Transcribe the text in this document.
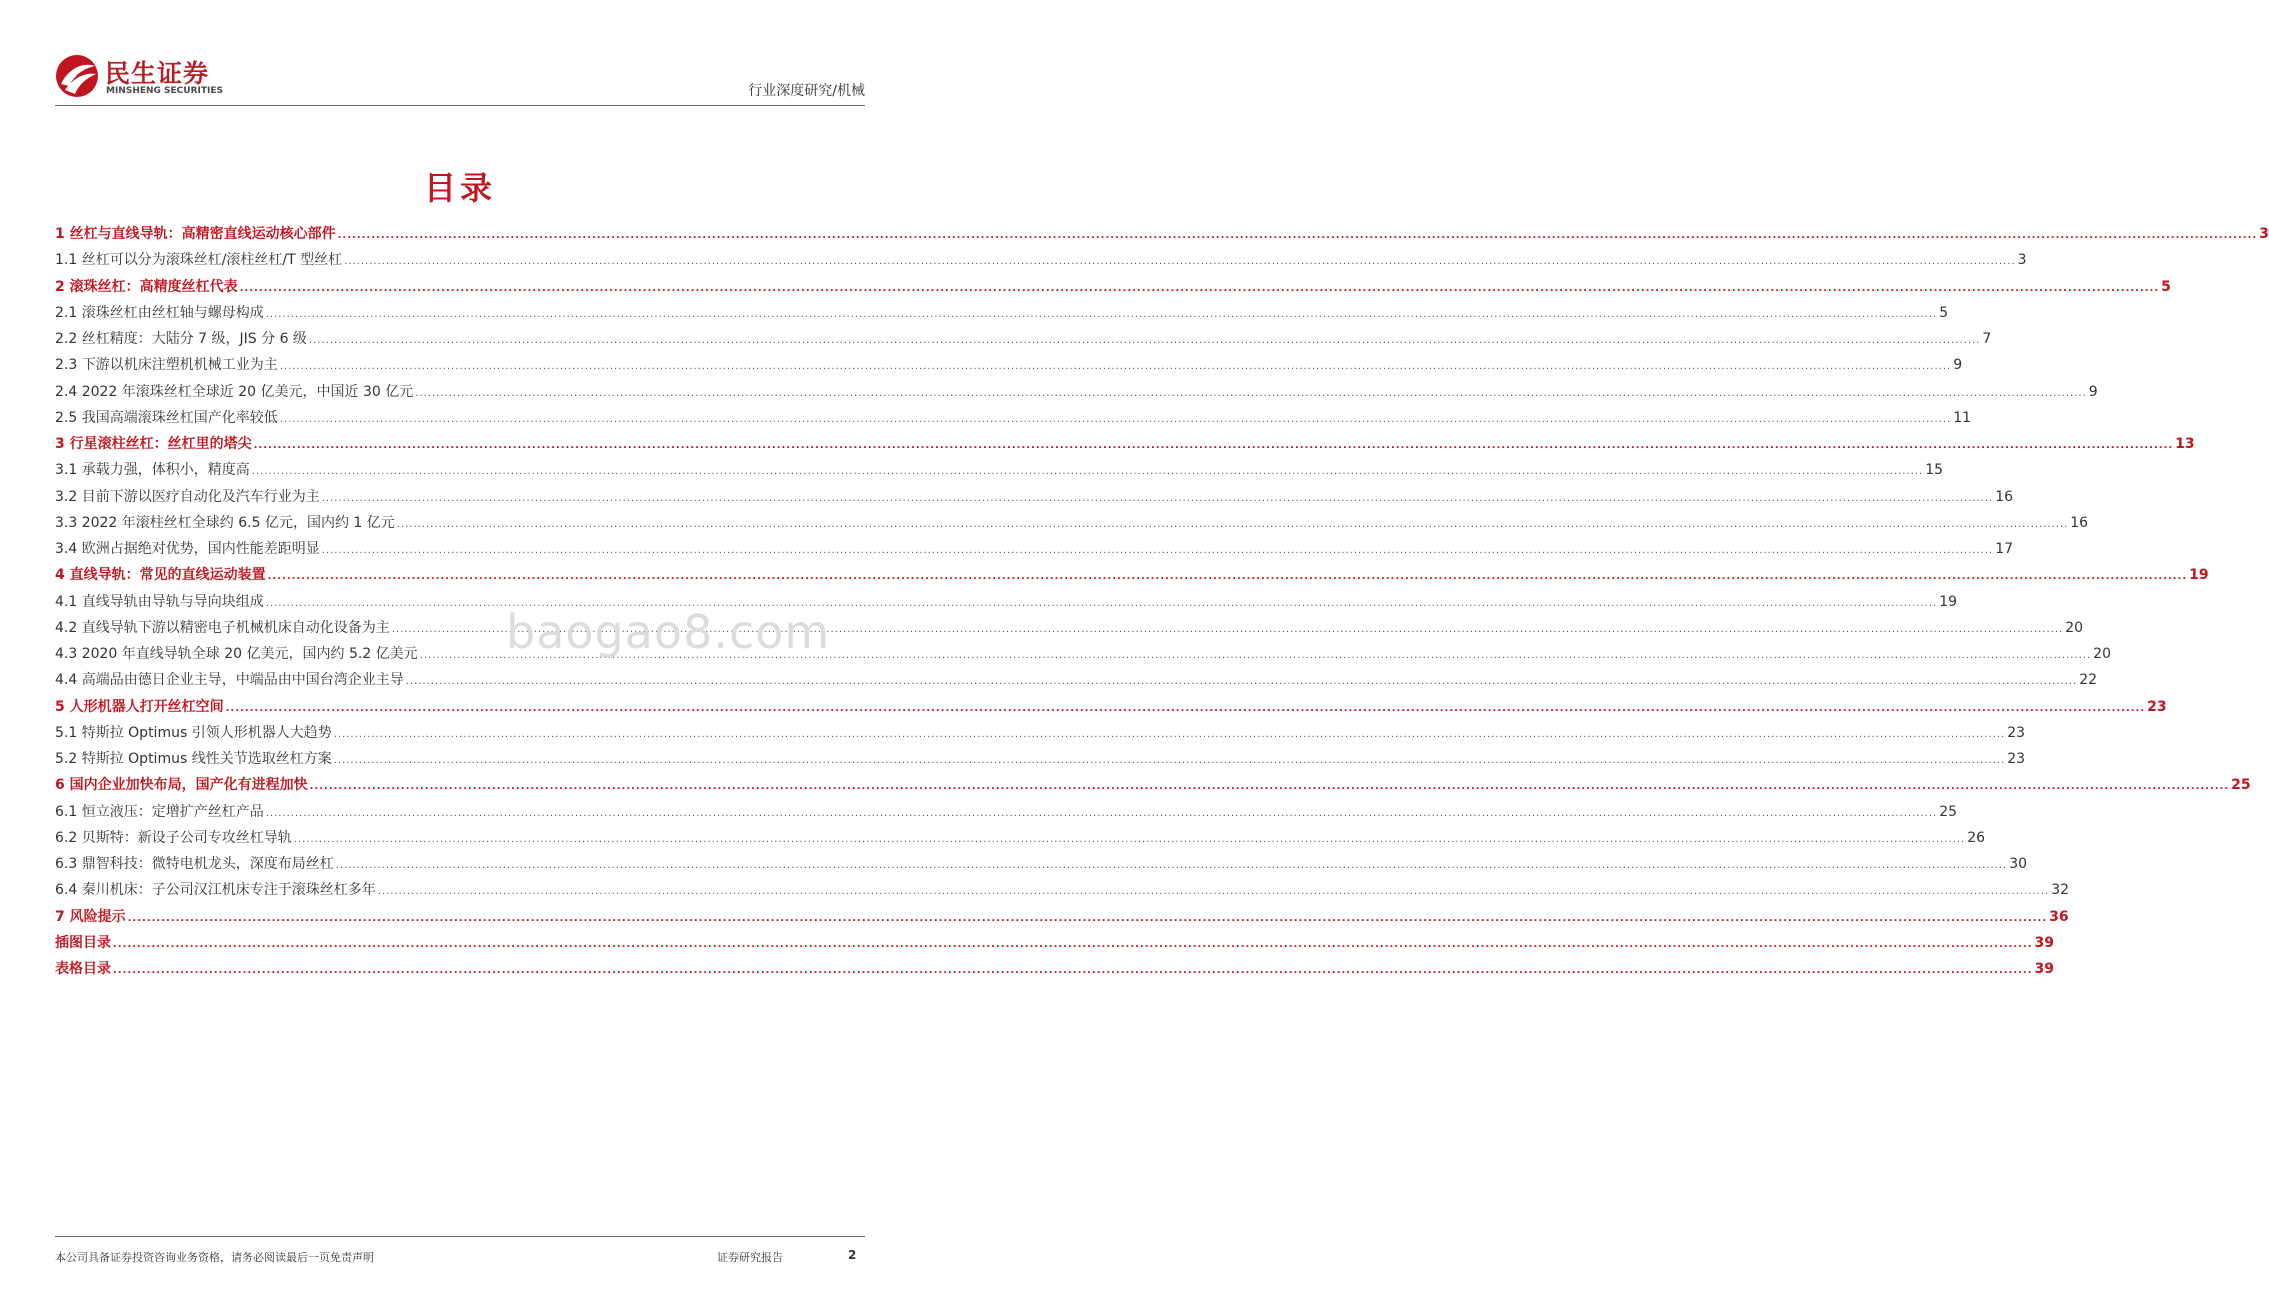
民生证券
MINSHENG SECURITIES	行业深度研究/机械
目录
1 丝杠与直线导轨：高精密直线运动核心部件 ................................................................................................................................................................................................................................................................................................................................................................................................................ 3
1.1 丝杠可以分为滚珠丝杠/滚柱丝杠/T 型丝杠 ................................................................................................................................................................................................................................................................................................................................................................................................................ 3
2 滚珠丝杠：高精度丝杠代表 ................................................................................................................................................................................................................................................................................................................................................................................................................ 5
2.1 滚珠丝杠由丝杠轴与螺母构成 ................................................................................................................................................................................................................................................................................................................................................................................................................ 5
2.2 丝杠精度：大陆分 7 级，JIS 分 6 级 ................................................................................................................................................................................................................................................................................................................................................................................................................ 7
2.3 下游以机床注塑机机械工业为主 ................................................................................................................................................................................................................................................................................................................................................................................................................ 9
2.4 2022 年滚珠丝杠全球近 20 亿美元，中国近 30 亿元 ................................................................................................................................................................................................................................................................................................................................................................................................................ 9
2.5 我国高端滚珠丝杠国产化率较低 ................................................................................................................................................................................................................................................................................................................................................................................................................ 11
3 行星滚柱丝杠：丝杠里的塔尖 ................................................................................................................................................................................................................................................................................................................................................................................................................ 13
3.1 承载力强，体积小，精度高 ................................................................................................................................................................................................................................................................................................................................................................................................................ 15
3.2 目前下游以医疗自动化及汽车行业为主 ................................................................................................................................................................................................................................................................................................................................................................................................................ 16
3.3 2022 年滚柱丝杠全球约 6.5 亿元，国内约 1 亿元 ................................................................................................................................................................................................................................................................................................................................................................................................................ 16
3.4 欧洲占据绝对优势，国内性能差距明显 ................................................................................................................................................................................................................................................................................................................................................................................................................ 17
4 直线导轨：常见的直线运动装置 ................................................................................................................................................................................................................................................................................................................................................................................................................ 19
4.1 直线导轨由导轨与导向块组成 ................................................................................................................................................................................................................................................................................................................................................................................................................ 19
4.2 直线导轨下游以精密电子机械机床自动化设备为主 ................................................................................................................................................................................................................................................................................................................................................................................................................ 20
4.3 2020 年直线导轨全球 20 亿美元，国内约 5.2 亿美元 ................................................................................................................................................................................................................................................................................................................................................................................................................ 20
4.4 高端品由德日企业主导，中端品由中国台湾企业主导 ................................................................................................................................................................................................................................................................................................................................................................................................................ 22
5 人形机器人打开丝杠空间 ................................................................................................................................................................................................................................................................................................................................................................................................................ 23
5.1 特斯拉 Optimus 引领人形机器人大趋势 ................................................................................................................................................................................................................................................................................................................................................................................................................ 23
5.2 特斯拉 Optimus 线性关节选取丝杠方案 ................................................................................................................................................................................................................................................................................................................................................................................................................ 23
6 国内企业加快布局，国产化有进程加快 ................................................................................................................................................................................................................................................................................................................................................................................................................ 25
6.1 恒立液压：定增扩产丝杠产品 ................................................................................................................................................................................................................................................................................................................................................................................................................ 25
6.2 贝斯特：新设子公司专攻丝杠导轨 ................................................................................................................................................................................................................................................................................................................................................................................................................ 26
6.3 鼎智科技：微特电机龙头，深度布局丝杠 ................................................................................................................................................................................................................................................................................................................................................................................................................ 30
6.4 秦川机床：子公司汉江机床专注于滚珠丝杠多年 ................................................................................................................................................................................................................................................................................................................................................................................................................ 32
7 风险提示 ................................................................................................................................................................................................................................................................................................................................................................................................................ 36
插图目录 ................................................................................................................................................................................................................................................................................................................................................................................................................ 39
表格目录 ................................................................................................................................................................................................................................................................................................................................................................................................................ 39
baogao8.com
本公司具备证券投资咨询业务资格，请务必阅读最后一页免责声明	证券研究报告	2
